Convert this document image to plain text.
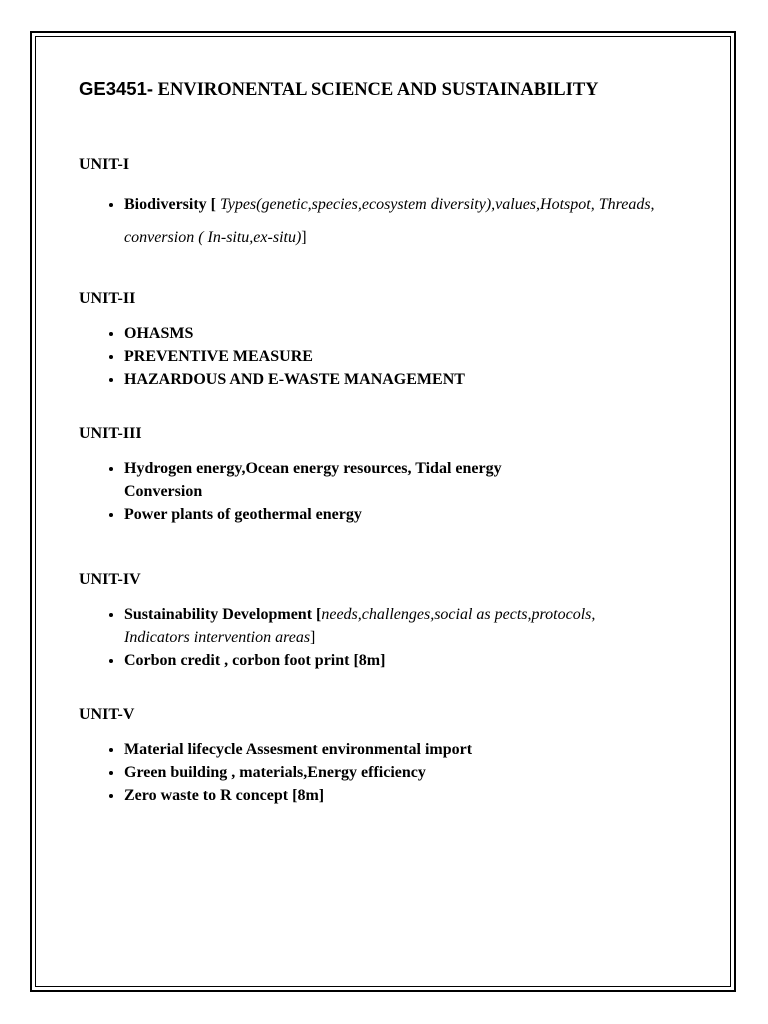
GE3451- ENVIRONENTAL SCIENCE AND SUSTAINABILITY
UNIT-I
• Biodiversity [ Types(genetic,species,ecosystem diversity),values,Hotspot, Threads, conversion ( In-situ,ex-situ)]
UNIT-II
• OHASMS
• PREVENTIVE MEASURE
• HAZARDOUS AND E-WASTE MANAGEMENT
UNIT-III
• Hydrogen energy,Ocean energy resources, Tidal energy Conversion
• Power plants of geothermal energy
UNIT-IV
• Sustainability Development [needs,challenges,social as pects,protocols, Indicators intervention areas]
• Corbon credit , corbon foot print [8m]
UNIT-V
• Material lifecycle Assesment environmental import
• Green building , materials,Energy efficiency
• Zero waste to R concept [8m]
